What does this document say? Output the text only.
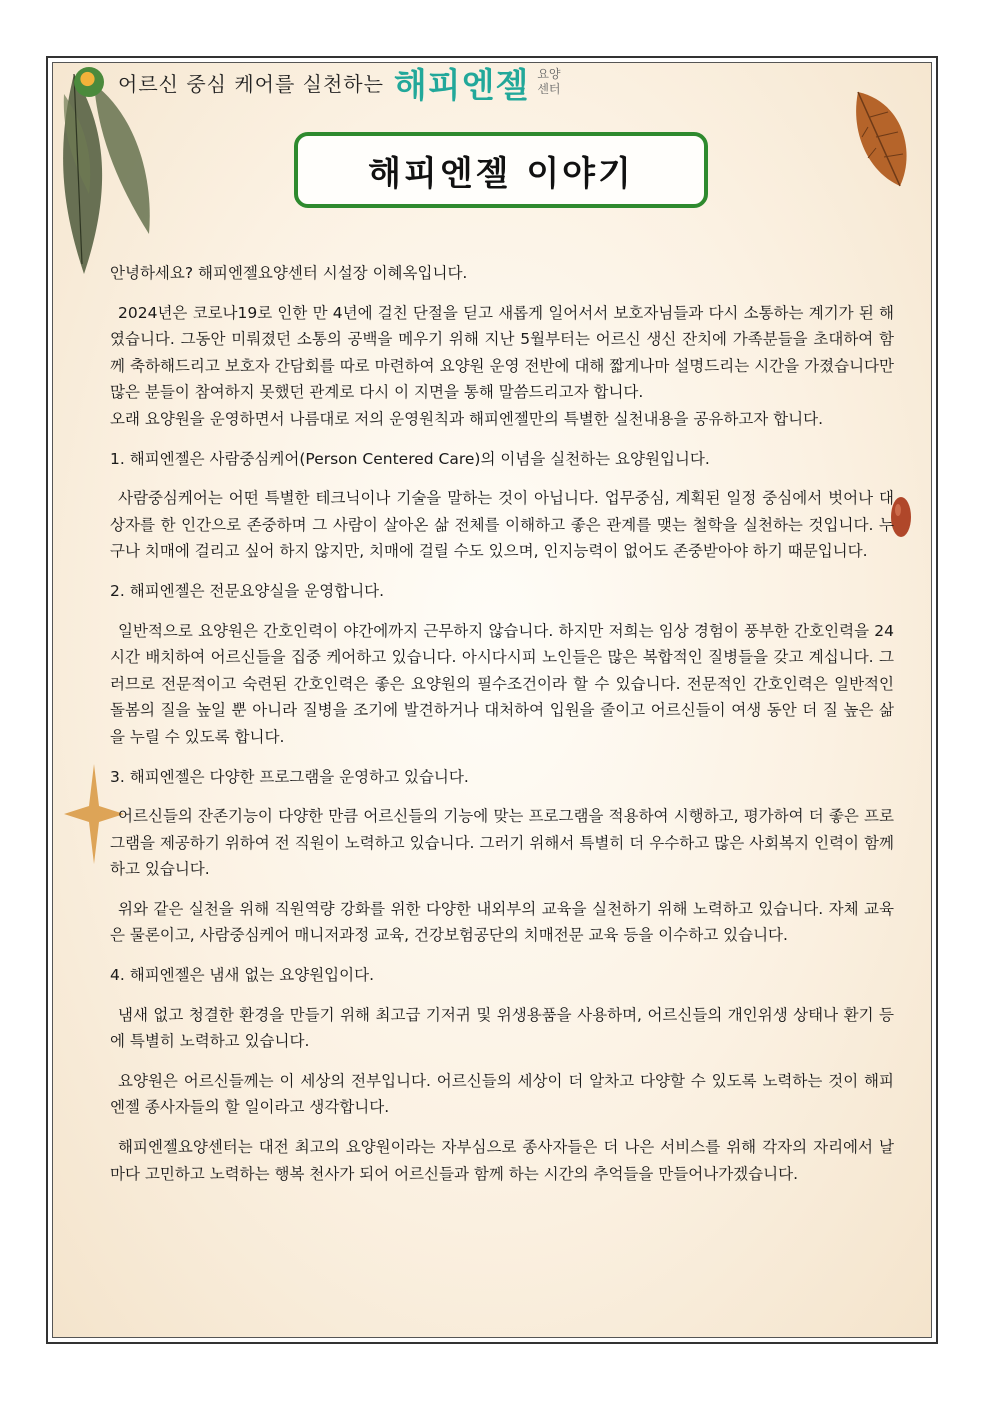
어르신 중심 케어를 실천하는 해피엔젤 요양
센터
해피엔젤 이야기

안녕하세요? 해피엔젤요양센터 시설장 이혜옥입니다.

2024년은 코로나19로 인한 만 4년에 걸친 단절을 딛고 새롭게 일어서서 보호자님들과 다시 소통하는 계기가 된 해였습니다. 그동안 미뤄졌던 소통의 공백을 메우기 위해 지난 5월부터는 어르신 생신 잔치에 가족분들을 초대하여 함께 축하해드리고 보호자 간담회를 따로 마련하여 요양원 운영 전반에 대해 짧게나마 설명드리는 시간을 가졌습니다만 많은 분들이 참여하지 못했던 관계로 다시 이 지면을 통해 말씀드리고자 합니다.

오래 요양원을 운영하면서 나름대로 저의 운영원칙과 해피엔젤만의 특별한 실천내용을 공유하고자 합니다.

1. 해피엔젤은 사람중심케어(Person Centered Care)의 이념을 실천하는 요양원입니다.

사람중심케어는 어떤 특별한 테크닉이나 기술을 말하는 것이 아닙니다. 업무중심, 계획된 일정 중심에서 벗어나 대상자를 한 인간으로 존중하며 그 사람이 살아온 삶 전체를 이해하고 좋은 관계를 맺는 철학을 실천하는 것입니다. 누구나 치매에 걸리고 싶어 하지 않지만, 치매에 걸릴 수도 있으며, 인지능력이 없어도 존중받아야 하기 때문입니다.

2. 해피엔젤은 전문요양실을 운영합니다.

일반적으로 요양원은 간호인력이 야간에까지 근무하지 않습니다. 하지만 저희는 임상 경험이 풍부한 간호인력을 24시간 배치하여 어르신들을 집중 케어하고 있습니다. 아시다시피 노인들은 많은 복합적인 질병들을 갖고 계십니다. 그러므로 전문적이고 숙련된 간호인력은 좋은 요양원의 필수조건이라 할 수 있습니다. 전문적인 간호인력은 일반적인 돌봄의 질을 높일 뿐 아니라 질병을 조기에 발견하거나 대처하여 입원을 줄이고 어르신들이 여생 동안 더 질 높은 삶을 누릴 수 있도록 합니다.

3. 해피엔젤은 다양한 프로그램을 운영하고 있습니다.

어르신들의 잔존기능이 다양한 만큼 어르신들의 기능에 맞는 프로그램을 적용하여 시행하고, 평가하여 더 좋은 프로그램을 제공하기 위하여 전 직원이 노력하고 있습니다. 그러기 위해서 특별히 더 우수하고 많은 사회복지 인력이 함께하고 있습니다.

위와 같은 실천을 위해 직원역량 강화를 위한 다양한 내외부의 교육을 실천하기 위해 노력하고 있습니다. 자체 교육은 물론이고, 사람중심케어 매니저과정 교육, 건강보험공단의 치매전문 교육 등을 이수하고 있습니다.

4. 해피엔젤은 냄새 없는 요양원입이다.

냄새 없고 청결한 환경을 만들기 위해 최고급 기저귀 및 위생용품을 사용하며, 어르신들의 개인위생 상태나 환기 등에 특별히 노력하고 있습니다.

요양원은 어르신들께는 이 세상의 전부입니다. 어르신들의 세상이 더 알차고 다양할 수 있도록 노력하는 것이 해피엔젤 종사자들의 할 일이라고 생각합니다.

해피엔젤요양센터는 대전 최고의 요양원이라는 자부심으로 종사자들은 더 나은 서비스를 위해 각자의 자리에서 날마다 고민하고 노력하는 행복 천사가 되어 어르신들과 함께 하는 시간의 추억들을 만들어나가겠습니다.
